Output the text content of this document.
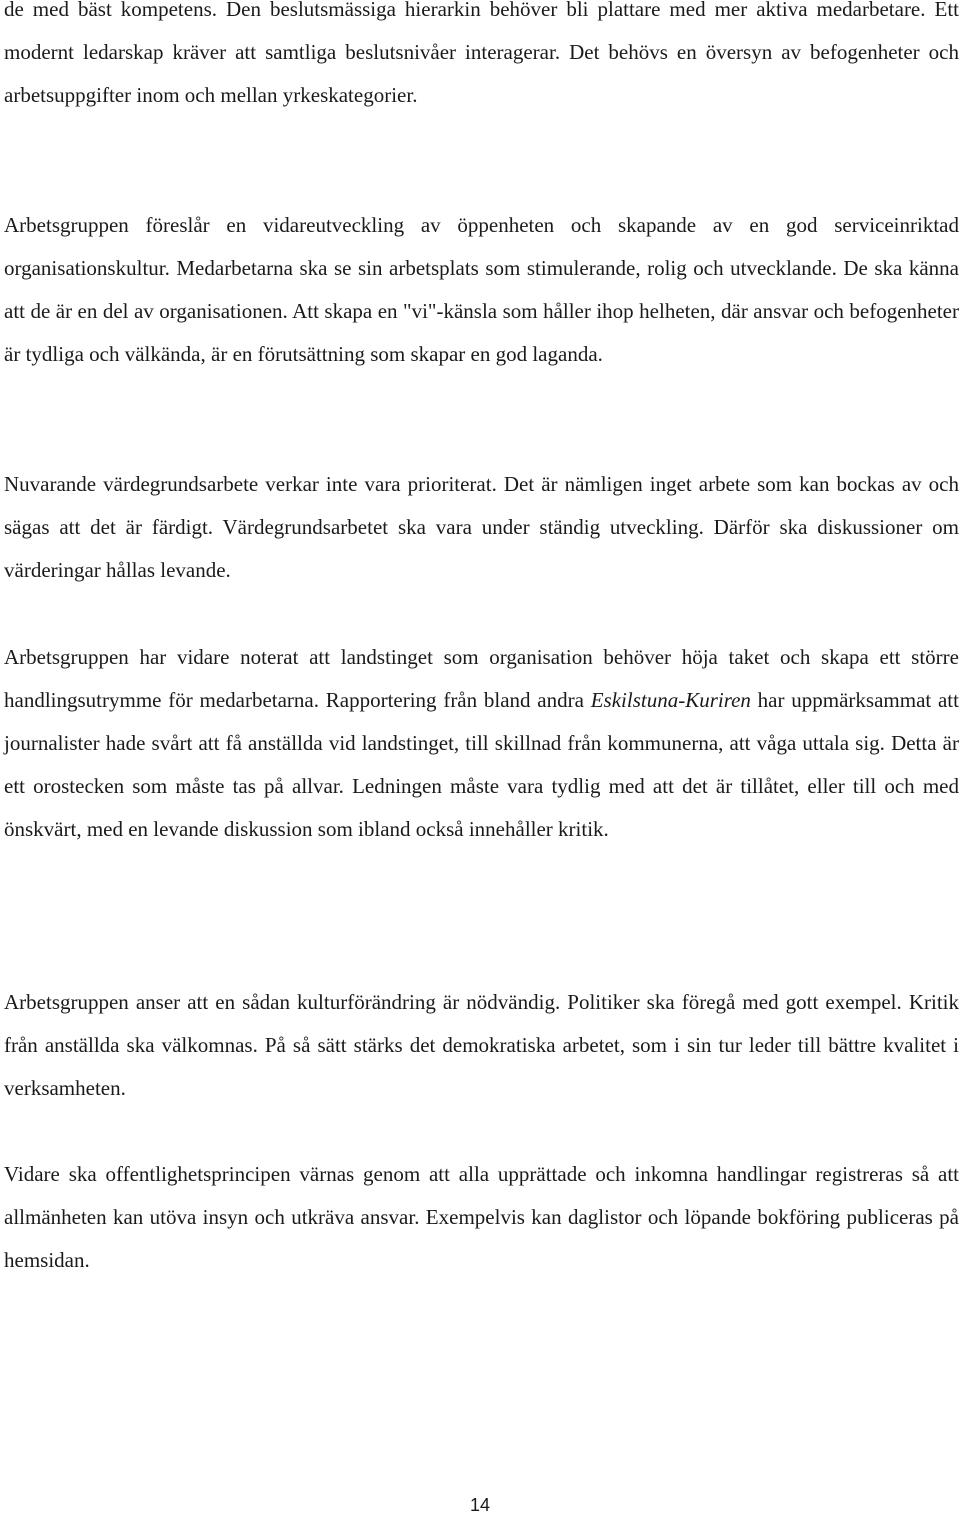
de med bäst kompetens. Den beslutsmässiga hierarkin behöver bli plattare med mer aktiva medarbetare. Ett modernt ledarskap kräver att samtliga beslutsnivåer interagerar. Det behövs en översyn av befogenheter och arbetsuppgifter inom och mellan yrkeskategorier.

Arbetsgruppen föreslår en vidareutveckling av öppenheten och skapande av en god serviceinriktad organisationskultur. Medarbetarna ska se sin arbetsplats som stimulerande, rolig och utvecklande. De ska känna att de är en del av organisationen. Att skapa en "vi"-känsla som håller ihop helheten, där ansvar och befogenheter är tydliga och välkända, är en förutsättning som skapar en god laganda.

Nuvarande värdegrundsarbete verkar inte vara prioriterat. Det är nämligen inget arbete som kan bockas av och sägas att det är färdigt. Värdegrundsarbetet ska vara under ständig utveckling. Därför ska diskussioner om värderingar hållas levande.

Arbetsgruppen har vidare noterat att landstinget som organisation behöver höja taket och skapa ett större handlingsutrymme för medarbetarna. Rapportering från bland andra Eskilstuna-Kuriren har uppmärksammat att journalister hade svårt att få anställda vid landstinget, till skillnad från kommunerna, att våga uttala sig. Detta är ett orostecken som måste tas på allvar. Ledningen måste vara tydlig med att det är tillåtet, eller till och med önskvärt, med en levande diskussion som ibland också innehåller kritik.

Arbetsgruppen anser att en sådan kulturförändring är nödvändig. Politiker ska föregå med gott exempel. Kritik från anställda ska välkomnas. På så sätt stärks det demokratiska arbetet, som i sin tur leder till bättre kvalitet i verksamheten.

Vidare ska offentlighetsprincipen värnas genom att alla upprättade och inkomna handlingar registreras så att allmänheten kan utöva insyn och utkräva ansvar. Exempelvis kan daglistor och löpande bokföring publiceras på hemsidan.

14
